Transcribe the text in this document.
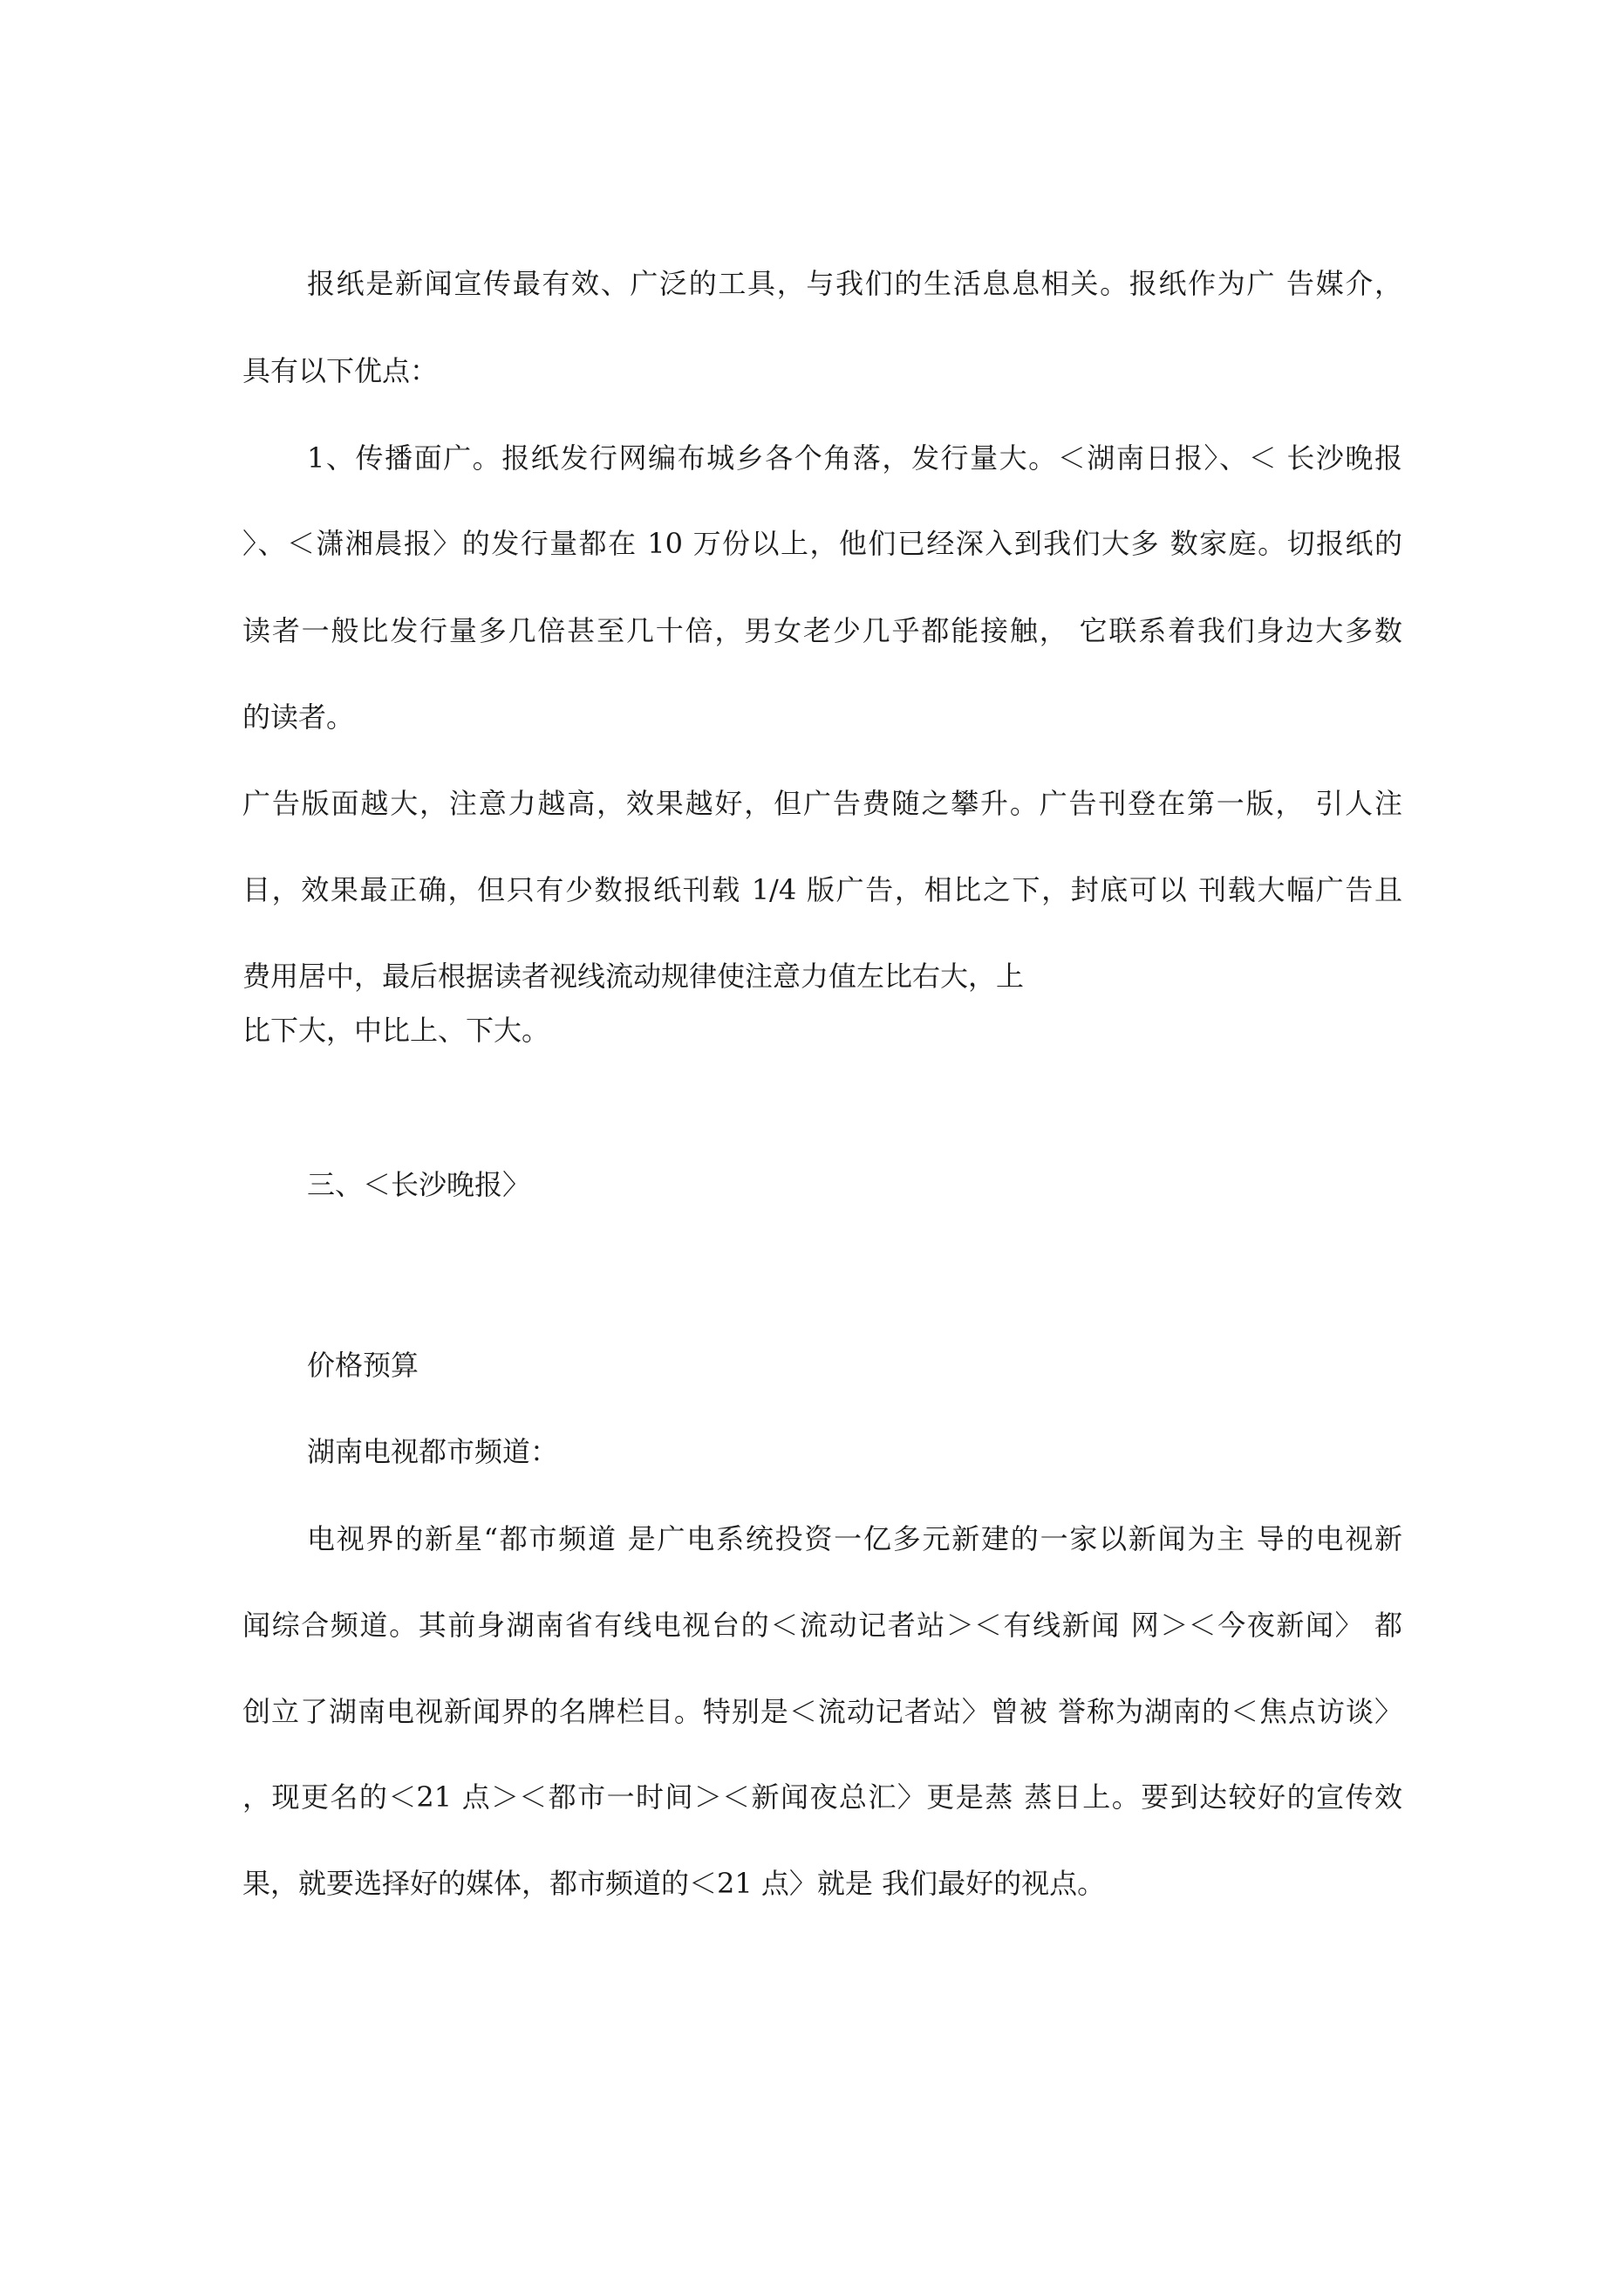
报纸是新闻宣传最有效、广泛的工具，与我们的生活息息相关。报纸作为广 告媒介，
具有以下优点：
1、传播面广。报纸发行网编布城乡各个角落，发行量大。＜湖南日报〉、＜ 长沙晚报
〉、＜潇湘晨报〉的发行量都在 10 万份以上，他们已经深入到我们大多 数家庭。切报纸的
读者一般比发行量多几倍甚至几十倍，男女老少几乎都能接触， 它联系着我们身边大多数
的读者。
广告版面越大，注意力越高，效果越好，但广告费随之攀升。广告刊登在第一版， 引人注
目，效果最正确，但只有少数报纸刊载 1/4 版广告，相比之下，封底可以 刊载大幅广告且
费用居中，最后根据读者视线流动规律使注意力值左比右大，上
比下大，中比上、下大。
三、＜长沙晚报〉
价格预算
湖南电视都市频道：
电视界的新星“都市频道 是广电系统投资一亿多元新建的一家以新闻为主 导的电视新
闻综合频道。其前身湖南省有线电视台的＜流动记者站＞＜有线新闻 网＞＜今夜新闻〉 都
创立了湖南电视新闻界的名牌栏目。特别是＜流动记者站〉曾被 誉称为湖南的＜焦点访谈〉
，现更名的＜21 点＞＜都市一时间＞＜新闻夜总汇〉更是蒸 蒸日上。要到达较好的宣传效
果，就要选择好的媒体，都市频道的＜21 点〉就是 我们最好的视点。
